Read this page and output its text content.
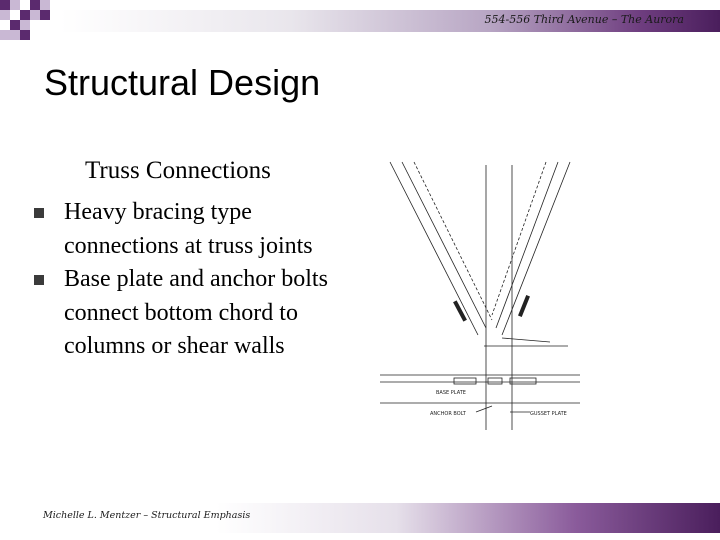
554-556 Third Avenue – The Aurora
Structural Design
Truss Connections
Heavy bracing type connections at truss joints
Base plate and anchor bolts connect bottom chord to columns or shear walls
BASE PLATE
ANCHOR BOLT	GUSSET PLATE
Michelle L. Mentzer – Structural Emphasis
